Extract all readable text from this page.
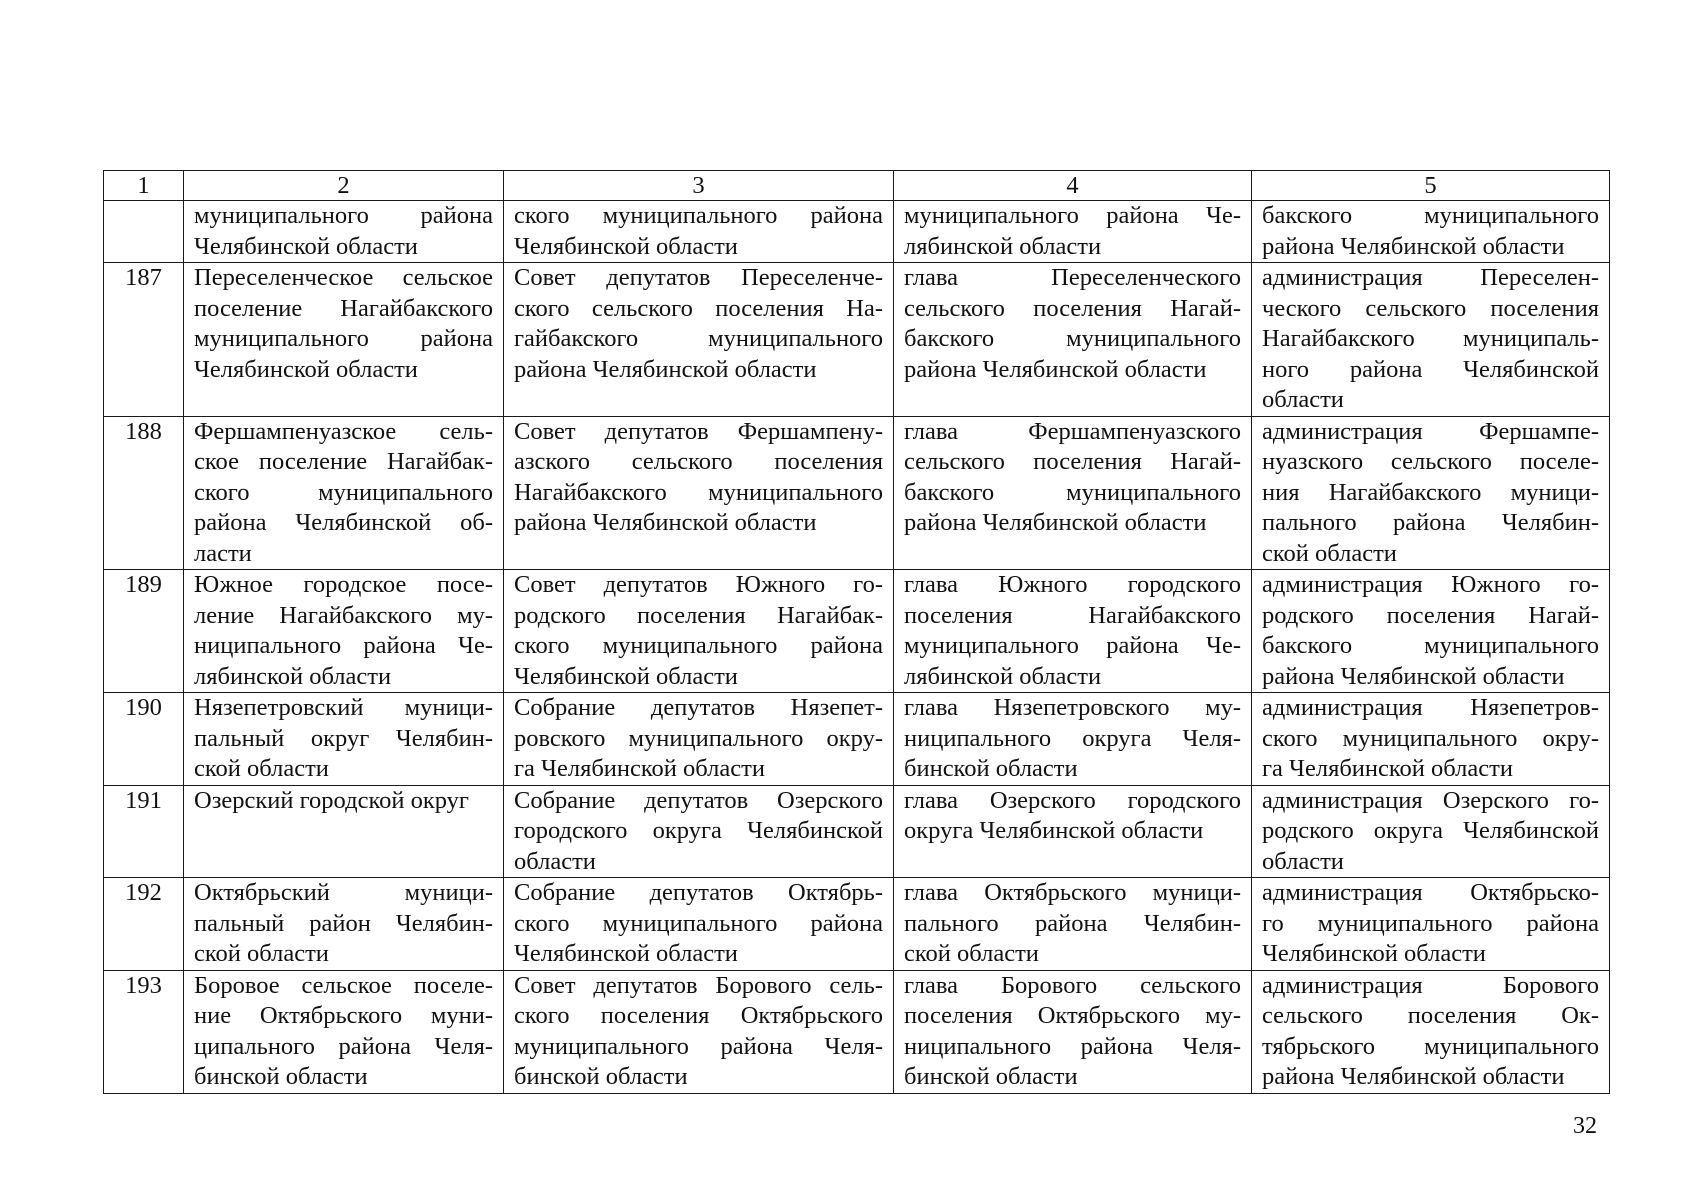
1	2	3	4	5

	муниципального района
Челябинской области	ского муниципального района
Челябинской области	муниципального района Че-
лябинской области	бакского муниципального
района Челябинской области

187	Переселенческое сельское
поселение Нагайбакского
муниципального района
Челябинской области	Совет депутатов Переселенче-
ского сельского поселения На-
гайбакского муниципального
района Челябинской области	глава Переселенческого
сельского поселения Нагай-
бакского муниципального
района Челябинской области	администрация Переселен-
ческого сельского поселения
Нагайбакского муниципаль-
ного района Челябинской
области

188	Фершампенуазское сель-
ское поселение Нагайбак-
ского муниципального
района Челябинской об-
ласти	Совет депутатов Фершампену-
азского сельского поселения
Нагайбакского муниципального
района Челябинской области	глава Фершампенуазского
сельского поселения Нагай-
бакского муниципального
района Челябинской области	администрация Фершампе-
нуазского сельского поселе-
ния Нагайбакского муници-
пального района Челябин-
ской области

189	Южное городское посе-
ление Нагайбакского му-
ниципального района Че-
лябинской области	Совет депутатов Южного го-
родского поселения Нагайбак-
ского муниципального района
Челябинской области	глава Южного городского
поселения Нагайбакского
муниципального района Че-
лябинской области	администрация Южного го-
родского поселения Нагай-
бакского муниципального
района Челябинской области

190	Нязепетровский муници-
пальный округ Челябин-
ской области	Собрание депутатов Нязепет-
ровского муниципального окру-
га Челябинской области	глава Нязепетровского му-
ниципального округа Челя-
бинской области	администрация Нязепетров-
ского муниципального окру-
га Челябинской области

191	Озерский городской округ	Собрание депутатов Озерского
городского округа Челябинской
области	глава Озерского городского
округа Челябинской области	администрация Озерского го-
родского округа Челябинской
области

192	Октябрьский муници-
пальный район Челябин-
ской области	Собрание депутатов Октябрь-
ского муниципального района
Челябинской области	глава Октябрьского муници-
пального района Челябин-
ской области	администрация Октябрьско-
го муниципального района
Челябинской области

193	Боровое сельское поселе-
ние Октябрьского муни-
ципального района Челя-
бинской области	Совет депутатов Борового сель-
ского поселения Октябрьского
муниципального района Челя-
бинской области	глава Борового сельского
поселения Октябрьского му-
ниципального района Челя-
бинской области	администрация Борового
сельского поселения Ок-
тябрьского муниципального
района Челябинской области
32
